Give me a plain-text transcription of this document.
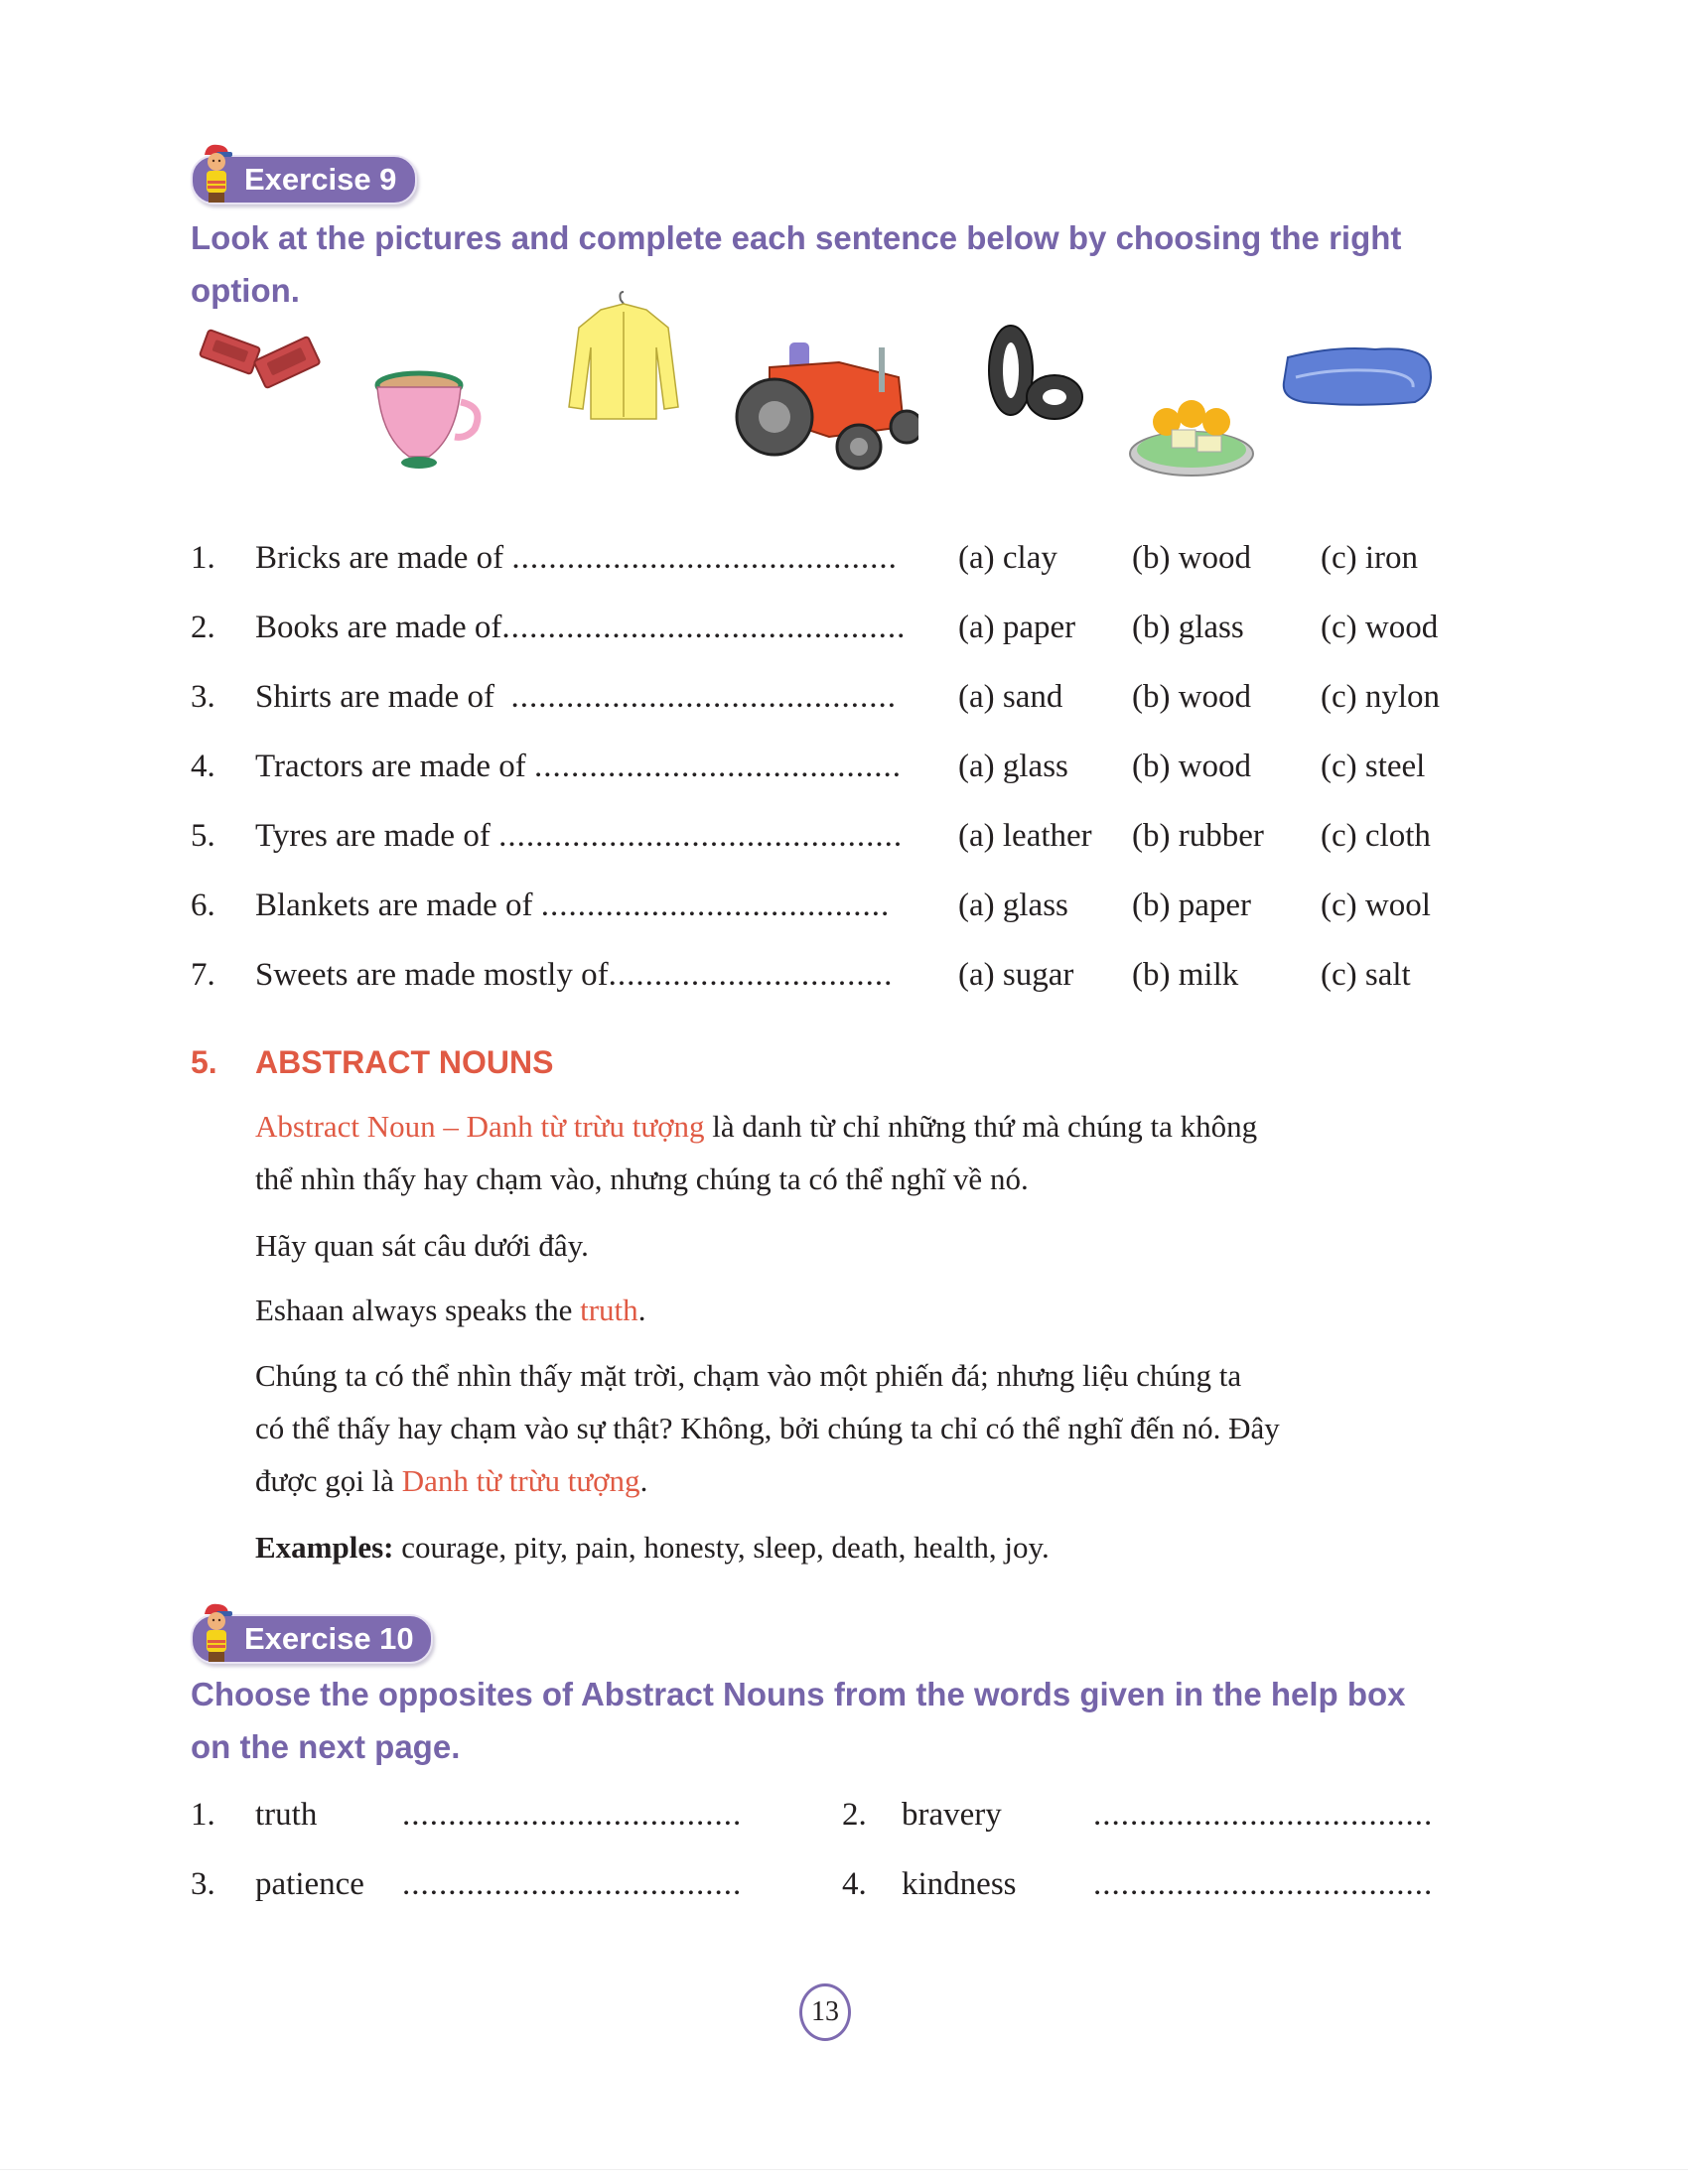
Exercise 9
Look at the pictures and complete each sentence below by choosing the right
option.
1. Bricks are made of ..........................................	(a) clay (b) wood (c) iron
2. Books are made of............................................	(a) paper (b) glass (c) wood
3. Shirts are made of  ..........................................	(a) sand (b) wood (c) nylon
4. Tractors are made of ........................................	(a) glass (b) wood (c) steel
5. Tyres are made of ............................................	(a) leather (b) rubber (c) cloth
6. Blankets are made of ......................................	(a) glass (b) paper (c) wool
7. Sweets are made mostly of...............................	(a) sugar (b) milk	(c) salt
5. ABSTRACT NOUNS
Abstract Noun – Danh từ trừu tượng là danh từ chỉ những thứ mà chúng ta không
thể nhìn thấy hay chạm vào, nhưng chúng ta có thể nghĩ về nó.
Hãy quan sát câu dưới đây.
Eshaan always speaks the truth.
Chúng ta có thể nhìn thấy mặt trời, chạm vào một phiến đá; nhưng liệu chúng ta
có thể thấy hay chạm vào sự thật? Không, bởi chúng ta chỉ có thể nghĩ đến nó. Đây
được gọi là Danh từ trừu tượng.
Examples: courage, pity, pain, honesty, sleep, death, health, joy.
Exercise 10
Choose the opposites of Abstract Nouns from the words given in the help box
on the next page.
1. truth	.....................................	2. bravery	.....................................
3. patience .....................................	4. kindness .....................................
13
